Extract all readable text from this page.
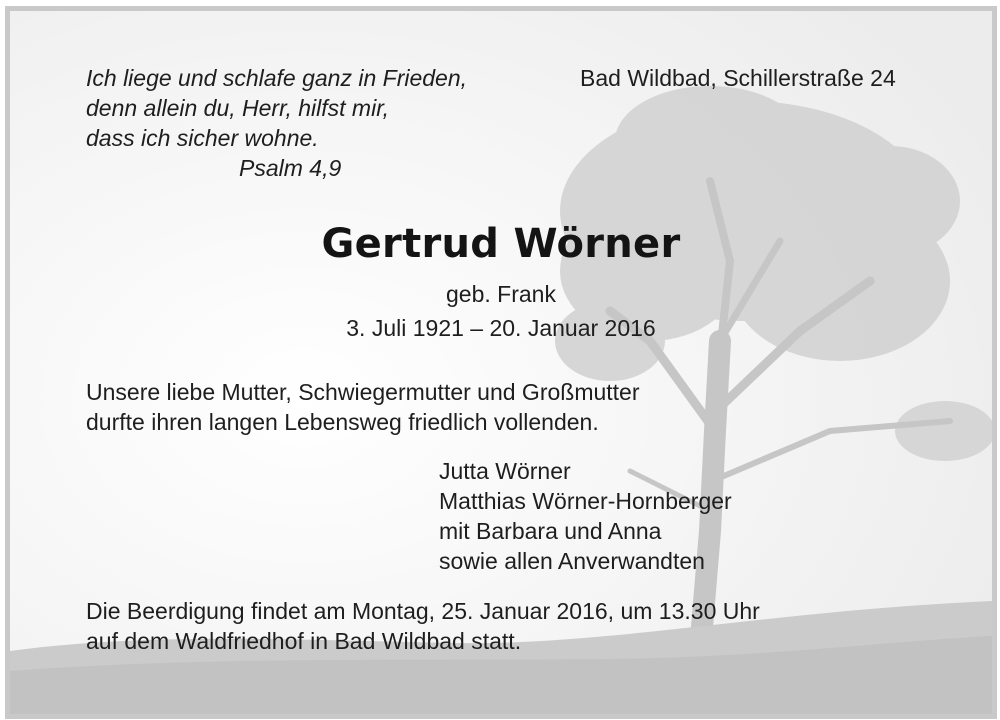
Ich liege und schlafe ganz in Frieden,
denn allein du, Herr, hilfst mir,
dass ich sicher wohne.
Psalm 4,9
Bad Wildbad, Schillerstraße 24
Gertrud Wörner
geb. Frank
3. Juli 1921 – 20. Januar 2016
Unsere liebe Mutter, Schwiegermutter und Großmutter
durfte ihren langen Lebensweg friedlich vollenden.
Jutta Wörner
Matthias Wörner-Hornberger
mit Barbara und Anna
sowie allen Anverwandten
Die Beerdigung findet am Montag, 25. Januar 2016, um 13.30 Uhr
auf dem Waldfriedhof in Bad Wildbad statt.
